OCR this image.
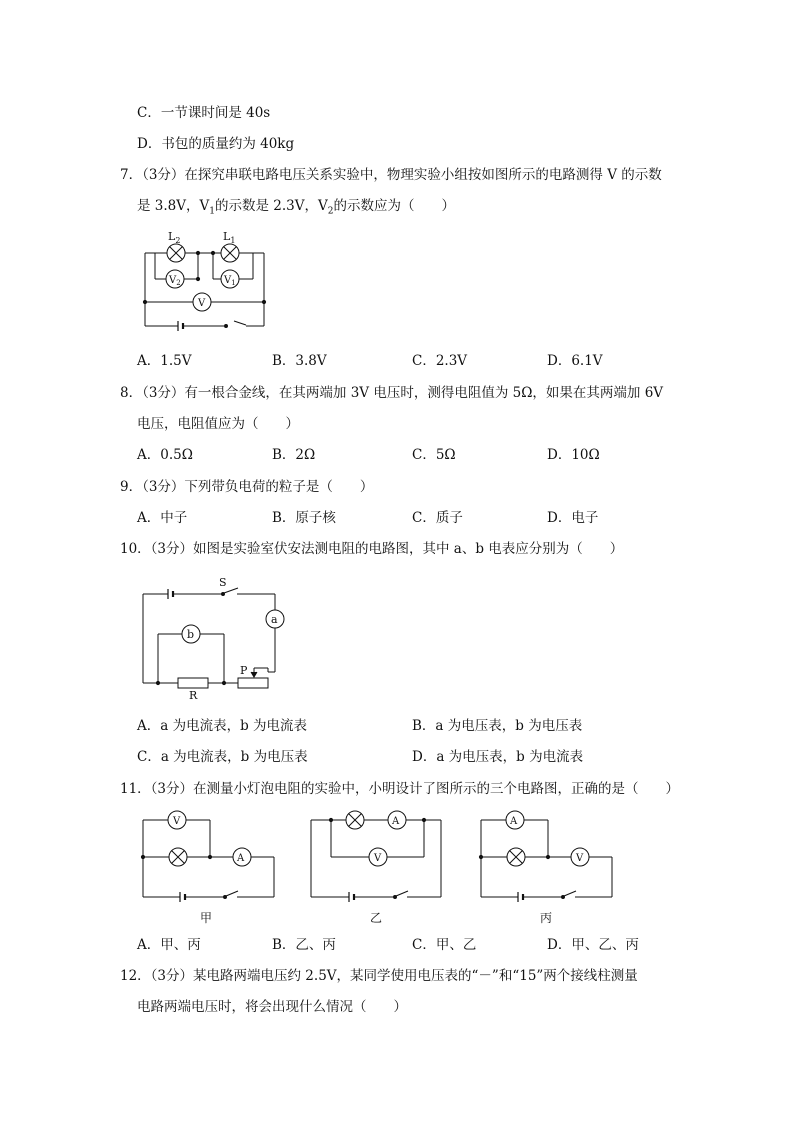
C．一节课时间是 40s
D．书包的质量约为 40kg
7．（3分）在探究串联电路电压关系实验中，物理实验小组按如图所示的电路测得 V 的示数
是 3.8V，$V_1$的示数是 2.3V，$V_2$的示数应为（　　）
$L_2$	$L_1$
$V_2$	$V_1$
V
A．1.5V	B．3.8V	C．2.3V	D．6.1V
8．（3分）有一根合金线，在其两端加 3V 电压时，测得电阻值为 5Ω，如果在其两端加 6V
电压，电阻值应为（　　）
A．0.5Ω	B．2Ω	C．5Ω	D．10Ω
9．（3分）下列带负电荷的粒子是（　　）
A．中子	B．原子核	C．质子	D．电子
10．（3分）如图是实验室伏安法测电阻的电路图，其中 a、b 电表应分别为（　　）
S
a
b
P
R
A．a 为电流表，b 为电流表	B．a 为电压表，b 为电压表
C．a 为电流表，b 为电压表	D．a 为电压表，b 为电流表
11．（3分）在测量小灯泡电阻的实验中，小明设计了图所示的三个电路图，正确的是（　　）
V
A
甲
A
V
乙
A
V
丙
A．甲、丙	B．乙、丙	C．甲、乙	D．甲、乙、丙
12．（3分）某电路两端电压约 2.5V，某同学使用电压表的“－”和“15”两个接线柱测量
电路两端电压时，将会出现什么情况（　　）
